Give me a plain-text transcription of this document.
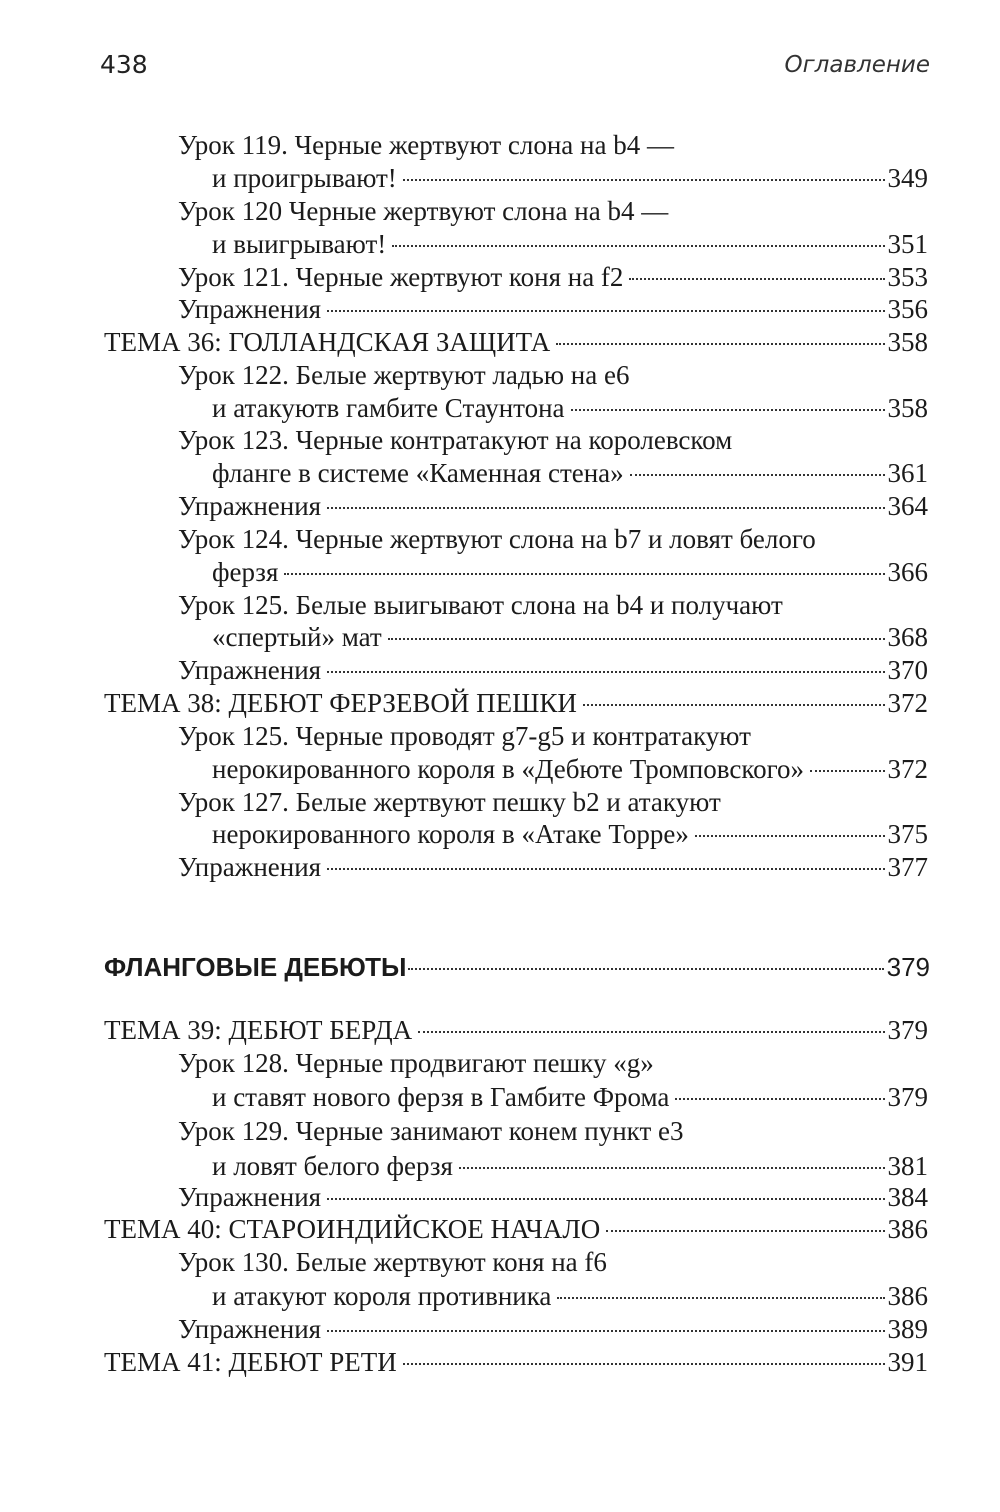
438	Оглавление
Урок 119. Черные жертвуют слона на b4 —
и проигрывают!	349
Урок 120 Черные жертвуют слона на b4 —
и выигрывают!	351
Урок 121. Черные жертвуют коня на f2	353
Упражнения	356
ТЕМА 36: ГОЛЛАНДСКАЯ ЗАЩИТА	358
Урок 122. Белые жертвуют ладью на е6
и атакуютв гамбите Стаунтона	358
Урок 123. Черные контратакуют на королевском
фланге в системе «Каменная стена»	361
Упражнения	364
Урок 124. Черные жертвуют слона на b7 и ловят белого
ферзя	366
Урок 125. Белые выигывают слона на b4 и получают
«спертый» мат	368
Упражнения	370
ТЕМА 38: ДЕБЮТ ФЕРЗЕВОЙ ПЕШКИ	372
Урок 125. Черные проводят g7-g5 и контратакуют
нерокированного короля в «Дебюте Тромповского»	372
Урок 127. Белые жертвуют пешку b2 и атакуют
нерокированного короля в «Атаке Торре»	375
Упражнения	377
ФЛАНГОВЫЕ ДЕБЮТЫ	379
ТЕМА 39: ДЕБЮТ БЕРДА	379
Урок 128. Черные продвигают пешку «g»
и ставят нового ферзя в Гамбите Фрома	379
Урок 129. Черные занимают конем пункт е3
и ловят белого ферзя	381
Упражнения	384
ТЕМА 40: СТАРОИНДИЙСКОЕ НАЧАЛО	386
Урок 130. Белые жертвуют коня на f6
и атакуют короля противника	386
Упражнения	389
ТЕМА 41: ДЕБЮТ РЕТИ	391
